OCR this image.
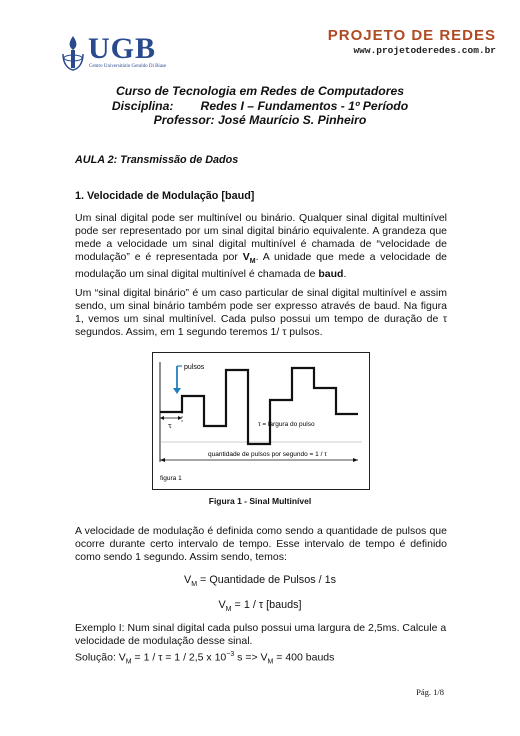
UGB
Centro Universitário Geraldo Di Biase
PROJETO DE REDES
www.projetoderedes.com.br
Curso de Tecnologia em Redes de Computadores
Disciplina:        Redes I – Fundamentos - 1º Período
Professor: José Maurício S. Pinheiro
AULA 2: Transmissão de Dados
1. Velocidade de Modulação [baud]
Um sinal digital pode ser multinível ou binário. Qualquer sinal digital multinível pode ser representado por um sinal digital binário equivalente. A grandeza que mede a velocidade um sinal digital multinível é chamada de “velocidade de modulação” e é representada por $V_M$. A unidade que mede a velocidade de modulação um sinal digital multinível é chamada de baud.
Um “sinal digital binário” é um caso particular de sinal digital multinível e assim sendo, um sinal binário também pode ser expresso através de baud. Na figura 1, vemos um sinal multinível. Cada pulso possui um tempo de duração de τ segundos. Assim, em 1 segundo teremos 1/ τ pulsos.
pulsos
τ	τ = largura do pulso
quantidade de pulsos por segundo = 1 / τ
figura 1
Figura 1 - Sinal Multinível
A velocidade de modulação é definida como sendo a quantidade de pulsos que ocorre durante certo intervalo de tempo. Esse intervalo de tempo é definido como sendo 1 segundo. Assim sendo, temos:
$V_M$ = Quantidade de Pulsos / 1s
$V_M = 1 / \tau$ [bauds]
Exemplo I: Num sinal digital cada pulso possui uma largura de 2,5ms. Calcule a velocidade de modulação desse sinal.
Solução: $V_M = 1 / \tau = 1 / 2,5$ x $10^{-3}$ $s => V_M = 400$ bauds
Pág. 1/8
